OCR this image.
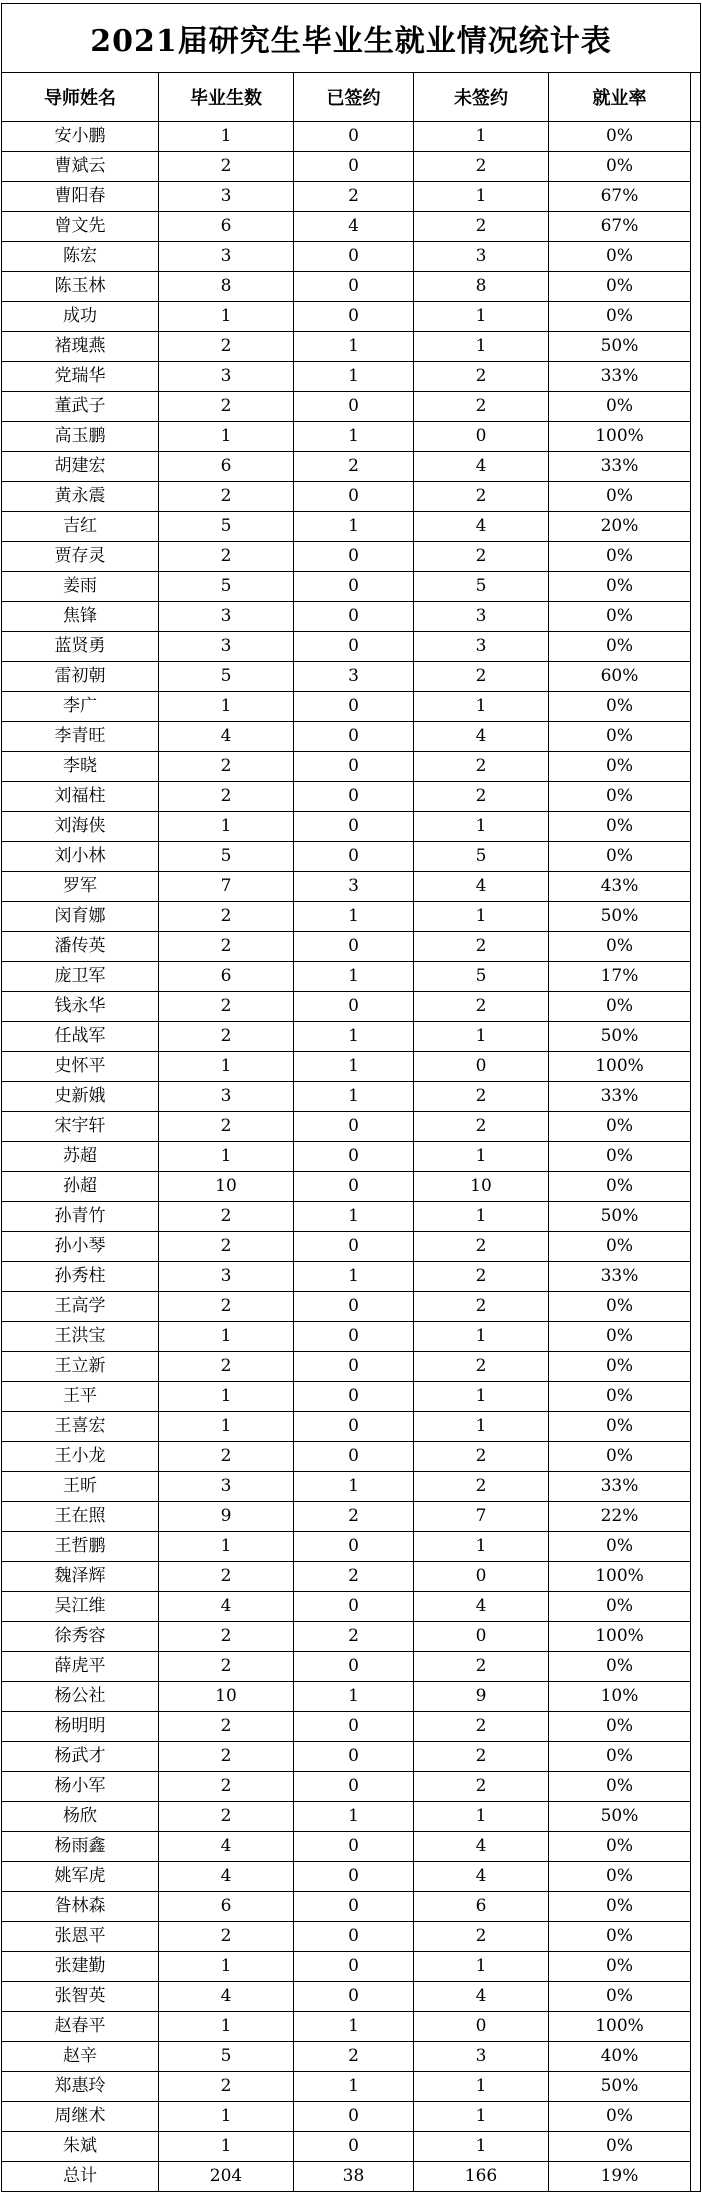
2021届研究生毕业生就业情况统计表					
导师姓名	毕业生数	已签约	未签约	就业率	
安小鹏	1	0	1	0%	
曹斌云	2	0	2	0%	
曹阳春	3	2	1	67%	
曾文先	6	4	2	67%	
陈宏	3	0	3	0%	
陈玉林	8	0	8	0%	
成功	1	0	1	0%	
褚瑰燕	2	1	1	50%	
党瑞华	3	1	2	33%	
董武子	2	0	2	0%	
高玉鹏	1	1	0	100%	
胡建宏	6	2	4	33%	
黄永震	2	0	2	0%	
吉红	5	1	4	20%	
贾存灵	2	0	2	0%	
姜雨	5	0	5	0%	
焦锋	3	0	3	0%	
蓝贤勇	3	0	3	0%	
雷初朝	5	3	2	60%	
李广	1	0	1	0%	
李青旺	4	0	4	0%	
李晓	2	0	2	0%	
刘福柱	2	0	2	0%	
刘海侠	1	0	1	0%	
刘小林	5	0	5	0%	
罗军	7	3	4	43%	
闵育娜	2	1	1	50%	
潘传英	2	0	2	0%	
庞卫军	6	1	5	17%	
钱永华	2	0	2	0%	
任战军	2	1	1	50%	
史怀平	1	1	0	100%	
史新娥	3	1	2	33%	
宋宇轩	2	0	2	0%	
苏超	1	0	1	0%	
孙超	10	0	10	0%	
孙青竹	2	1	1	50%	
孙小琴	2	0	2	0%	
孙秀柱	3	1	2	33%	
王高学	2	0	2	0%	
王洪宝	1	0	1	0%	
王立新	2	0	2	0%	
王平	1	0	1	0%	
王喜宏	1	0	1	0%	
王小龙	2	0	2	0%	
王昕	3	1	2	33%	
王在照	9	2	7	22%	
王哲鹏	1	0	1	0%	
魏泽辉	2	2	0	100%	
吴江维	4	0	4	0%	
徐秀容	2	2	0	100%	
薛虎平	2	0	2	0%	
杨公社	10	1	9	10%	
杨明明	2	0	2	0%	
杨武才	2	0	2	0%	
杨小军	2	0	2	0%	
杨欣	2	1	1	50%	
杨雨鑫	4	0	4	0%	
姚军虎	4	0	4	0%	
昝林森	6	0	6	0%	
张恩平	2	0	2	0%	
张建勤	1	0	1	0%	
张智英	4	0	4	0%	
赵春平	1	1	0	100%	
赵辛	5	2	3	40%	
郑惠玲	2	1	1	50%	
周继术	1	0	1	0%	
朱斌	1	0	1	0%	
总计	204	38	166	19%	
